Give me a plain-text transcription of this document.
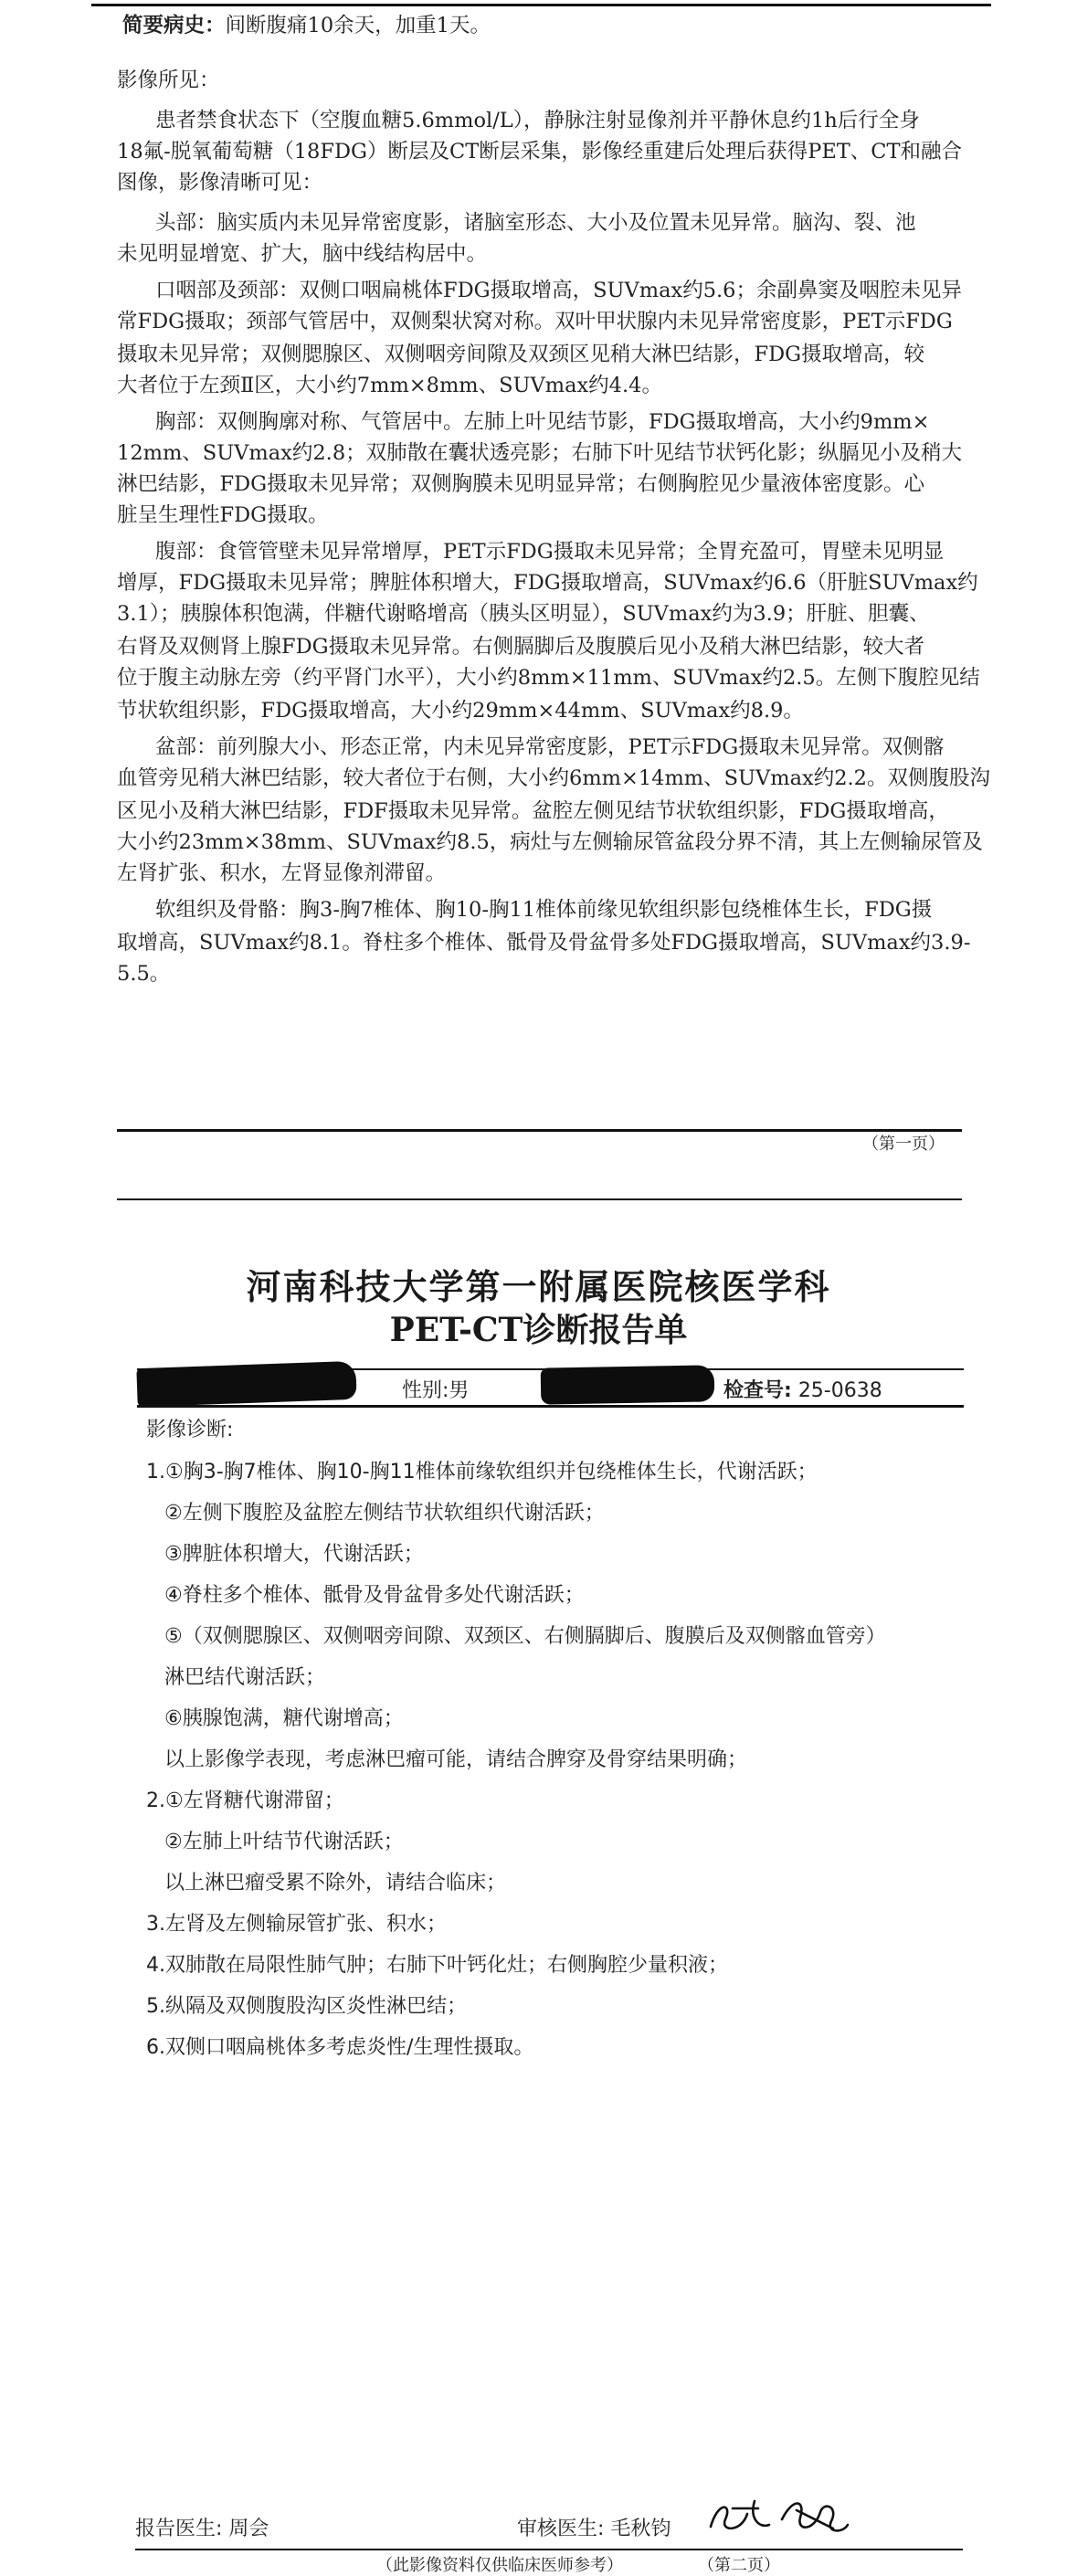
简要病史：间断腹痛10余天，加重1天。
影像所见：
患者禁食状态下（空腹血糖5.6mmol/L），静脉注射显像剂并平静休息约1h后行全身
18氟-脱氧葡萄糖（18FDG）断层及CT断层采集，影像经重建后处理后获得PET、CT和融合
图像，影像清晰可见：
头部：脑实质内未见异常密度影，诸脑室形态、大小及位置未见异常。脑沟、裂、池
未见明显增宽、扩大，脑中线结构居中。
口咽部及颈部：双侧口咽扁桃体FDG摄取增高，SUVmax约5.6；余副鼻窦及咽腔未见异
常FDG摄取；颈部气管居中，双侧梨状窝对称。双叶甲状腺内未见异常密度影，PET示FDG
摄取未见异常；双侧腮腺区、双侧咽旁间隙及双颈区见稍大淋巴结影，FDG摄取增高，较
大者位于左颈Ⅱ区，大小约7mm×8mm、SUVmax约4.4。
胸部：双侧胸廓对称、气管居中。左肺上叶见结节影，FDG摄取增高，大小约9mm×
12mm、SUVmax约2.8；双肺散在囊状透亮影；右肺下叶见结节状钙化影；纵膈见小及稍大
淋巴结影，FDG摄取未见异常；双侧胸膜未见明显异常；右侧胸腔见少量液体密度影。心
脏呈生理性FDG摄取。
腹部：食管管壁未见异常增厚，PET示FDG摄取未见异常；全胃充盈可，胃壁未见明显
增厚，FDG摄取未见异常；脾脏体积增大，FDG摄取增高，SUVmax约6.6（肝脏SUVmax约
3.1）；胰腺体积饱满，伴糖代谢略增高（胰头区明显），SUVmax约为3.9；肝脏、胆囊、
右肾及双侧肾上腺FDG摄取未见异常。右侧膈脚后及腹膜后见小及稍大淋巴结影，较大者
位于腹主动脉左旁（约平肾门水平），大小约8mm×11mm、SUVmax约2.5。左侧下腹腔见结
节状软组织影，FDG摄取增高，大小约29mm×44mm、SUVmax约8.9。
盆部：前列腺大小、形态正常，内未见异常密度影，PET示FDG摄取未见异常。双侧髂
血管旁见稍大淋巴结影，较大者位于右侧，大小约6mm×14mm、SUVmax约2.2。双侧腹股沟
区见小及稍大淋巴结影，FDF摄取未见异常。盆腔左侧见结节状软组织影，FDG摄取增高，
大小约23mm×38mm、SUVmax约8.5，病灶与左侧输尿管盆段分界不清，其上左侧输尿管及
左肾扩张、积水，左肾显像剂滞留。
软组织及骨骼：胸3-胸7椎体、胸10-胸11椎体前缘见软组织影包绕椎体生长，FDG摄
取增高，SUVmax约8.1。脊柱多个椎体、骶骨及骨盆骨多处FDG摄取增高，SUVmax约3.9-
5.5。
（第一页）
河南科技大学第一附属医院核医学科
PET-CT诊断报告单
性别:男	检查号: 25-0638
影像诊断:
1.①胸3-胸7椎体、胸10-胸11椎体前缘软组织并包绕椎体生长，代谢活跃；
②左侧下腹腔及盆腔左侧结节状软组织代谢活跃；
③脾脏体积增大，代谢活跃；
④脊柱多个椎体、骶骨及骨盆骨多处代谢活跃；
⑤（双侧腮腺区、双侧咽旁间隙、双颈区、右侧膈脚后、腹膜后及双侧髂血管旁）
淋巴结代谢活跃；
⑥胰腺饱满，糖代谢增高；
以上影像学表现，考虑淋巴瘤可能，请结合脾穿及骨穿结果明确；
2.①左肾糖代谢滞留；
②左肺上叶结节代谢活跃；
以上淋巴瘤受累不除外，请结合临床；
3.左肾及左侧输尿管扩张、积水；
4.双肺散在局限性肺气肿；右肺下叶钙化灶；右侧胸腔少量积液；
5.纵隔及双侧腹股沟区炎性淋巴结；
6.双侧口咽扁桃体多考虑炎性/生理性摄取。
报告医生: 周会	审核医生: 毛秋钧
（此影像资料仅供临床医师参考）	（第二页）
